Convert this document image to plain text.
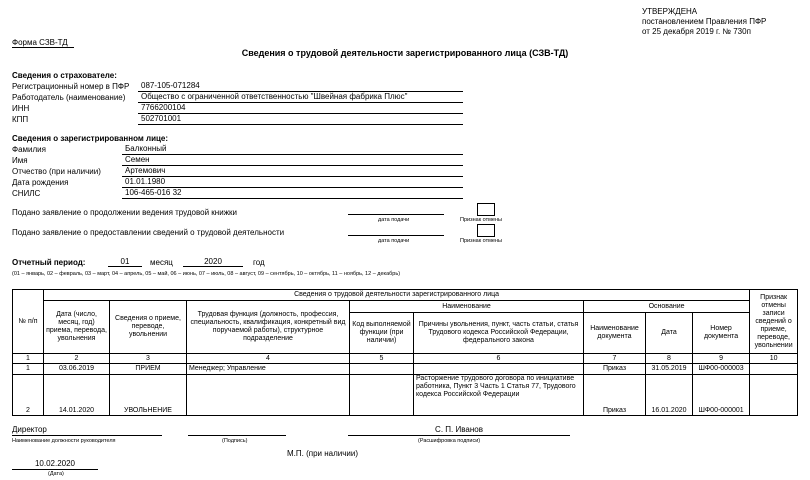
УТВЕРЖДЕНА
постановлением Правления ПФР
от 25 декабря 2019 г. № 730п
Форма СЗВ-ТД
Сведения о трудовой деятельности зарегистрированного лица (СЗВ-ТД)
Сведения о страхователе:
Регистрационный номер в ПФР	087-105-071284
Работодатель (наименование)	Общество с ограниченной ответственностью "Швейная фабрика Плюс"
ИНН	7766200104
КПП	502701001
Сведения о зарегистрированном лице:
Фамилия	Балконный
Имя	Семен
Отчество (при наличии)	Артемович
Дата рождения	01.01.1980
СНИЛС	106-465-016 32
Подано заявление о продолжении ведения трудовой книжки
дата подачи	Признак отмены
Подано заявление о предоставлении сведений о трудовой деятельности
дата подачи	Признак отмены
Отчетный период:	01	месяц	2020	год
(01 – январь, 02 – февраль, 03 – март, 04 – апрель, 05 – май, 06 – июнь, 07 – июль, 08 – август, 09 – сентябрь, 10 – октябрь, 11 – ноябрь, 12 – декабрь)
№ п/п	Сведения о трудовой деятельности зарегистрированного лица								Признак отмены записи сведений о приеме, переводе, увольнении
	Дата (число, месяц, год) приема, перевода, увольнения	Сведения о приеме, переводе, увольнении	Трудовая функция (должность, профессия, специальность, квалификация, конкретный вид поручаемой работы), структурное подразделение	Наименование		Основание			
				Код выполняемой функции (при наличии)	Причины увольнения, пункт, часть статьи, статья Трудового кодекса Российской Федерации, федерального закона	Наименование документа	Дата	Номер документа	
1	2	3	4	5	6	7	8	9	10
1	03.06.2019	ПРИЕМ	Менеджер; Управление			Приказ	31.05.2019	ШФ00-000003	
2	14.01.2020	УВОЛЬНЕНИЕ			Расторжение трудового договора по инициативе работника, Пункт 3 Часть 1 Статья 77, Трудового кодекса Российской Федерации	Приказ	16.01.2020	ШФ00-000001	
Директор
Наименование должности руководителя	(Подпись)
С. П. Иванов
(Расшифровка подписи)
М.П. (при наличии)
10.02.2020
(Дата)
